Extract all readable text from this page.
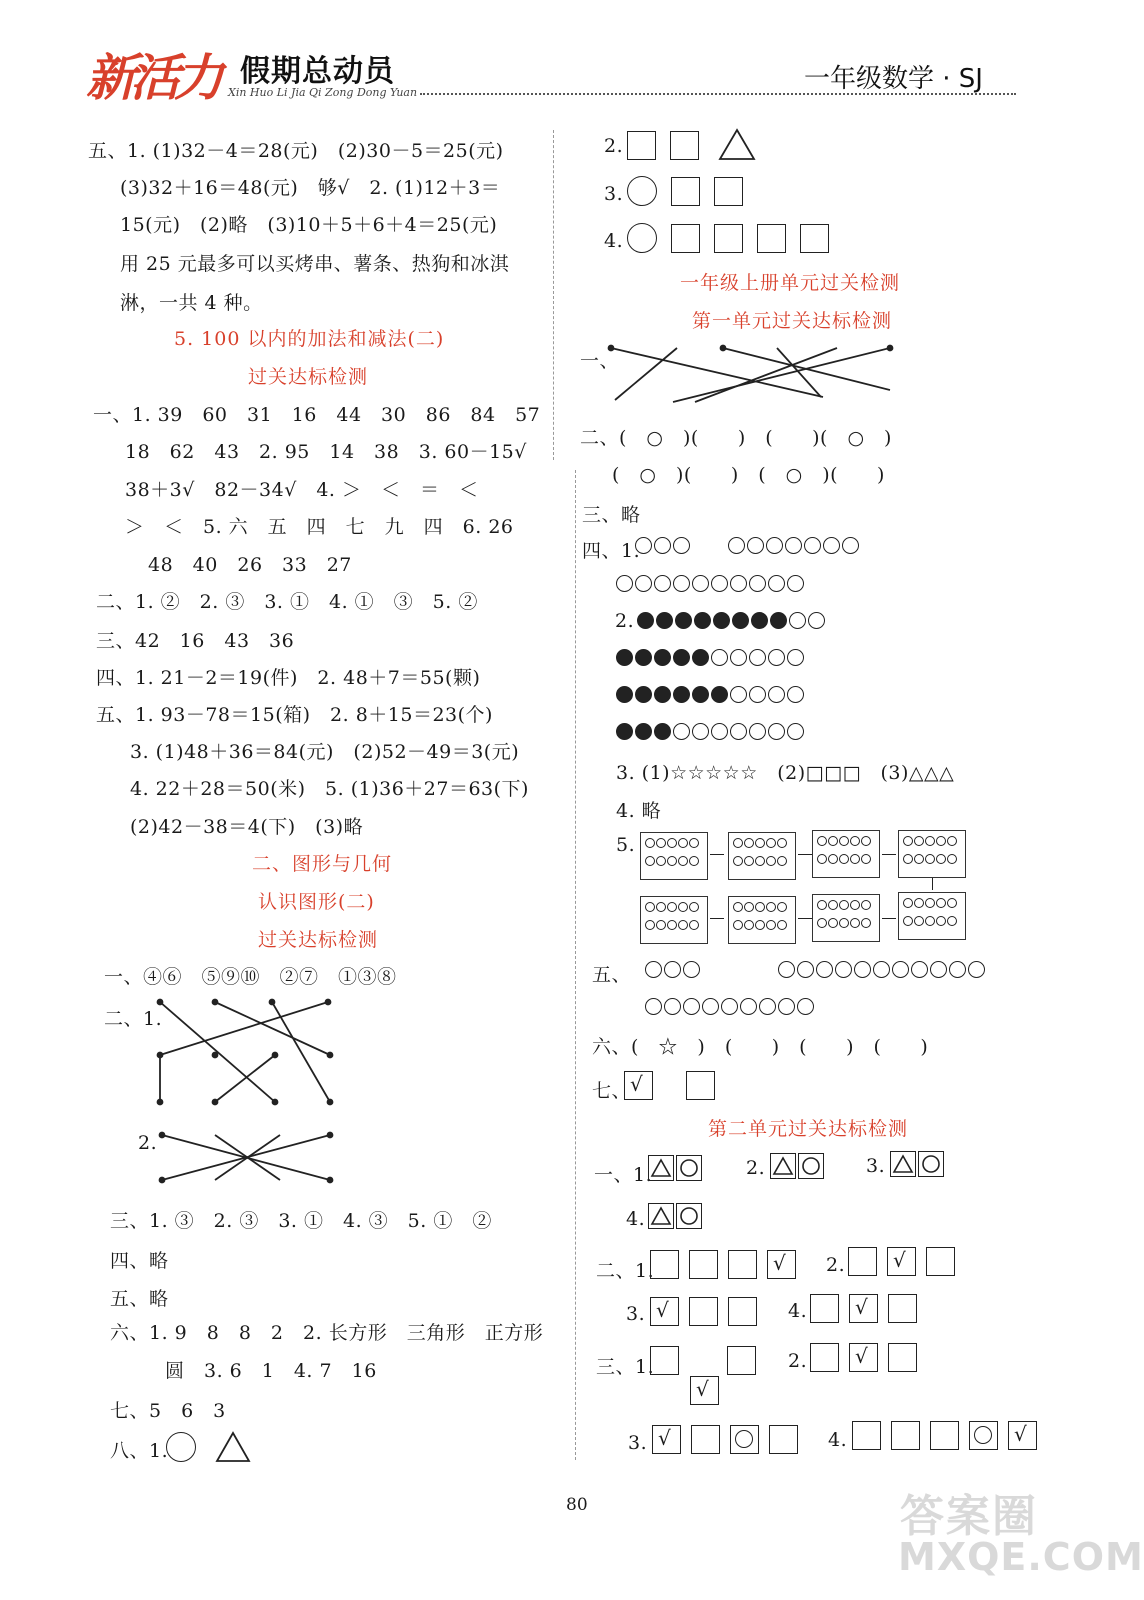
新活力 假期总动员
Xin Huo Li Jia Qi Zong Dong Yuan	一年级数学 · SJ
五、1. (1)32－4＝28(元)　(2)30－5＝25(元)
(3)32＋16＝48(元)　够√　2. (1)12＋3＝
15(元)　(2)略　(3)10＋5＋6＋4＝25(元)
用 25 元最多可以买烤串、薯条、热狗和冰淇
淋，一共 4 种。
5. 100 以内的加法和减法(二)
过关达标检测
一、1. 39　60　31　16　44　30　86　84　57
18　62　43　2. 95　14　38　3. 60－15√
38＋3√　82－34√　4. ＞　＜　＝　＜
＞　＜　5. 六　五　四　七　九　四　6. 26
48　40　26　33　27
二、1. ②　2. ③　3. ①　4. ①　③　5. ②
三、42　16　43　36
四、1. 21－2＝19(件)　2. 48＋7＝55(颗)
五、1. 93－78＝15(箱)　2. 8＋15＝23(个)
3. (1)48＋36＝84(元)　(2)52－49＝3(元)
4. 22＋28＝50(米)　5. (1)36＋27＝63(下)
(2)42－38＝4(下)　(3)略
二、图形与几何
认识图形(二)
过关达标检测
一、④⑥　⑤⑨⑩　②⑦　①③⑧
二、1.
2.
三、1. ③　2. ③　3. ①　4. ③　5. ①　②
四、略
五、略
六、1. 9　8　8　2　2. 长方形　三角形　正方形
圆　3. 6　1　4. 7　16
七、5　6　3
八、1.

2.

3.
4.
一年级上册单元过关检测
第一单元过关达标检测
一、
二、(　○　)(　　)　(　　)(　○　)
(　○　)(　　)　(　○　)(　　)
三、略
四、1.

2.
3. (1)☆☆☆☆☆　(2)□□□　(3)△△△
4. 略
5.
五、

六、(　☆　)　(　　)　(　　)　(　　)
七、
√

第二单元过关达标检测
一、1.	2.	3.
4.
二、1.	√ 2. √
3. √	4. √
三、1.
√
2. √
3. √	4.	√
80	答案圈
MXQE.COM
